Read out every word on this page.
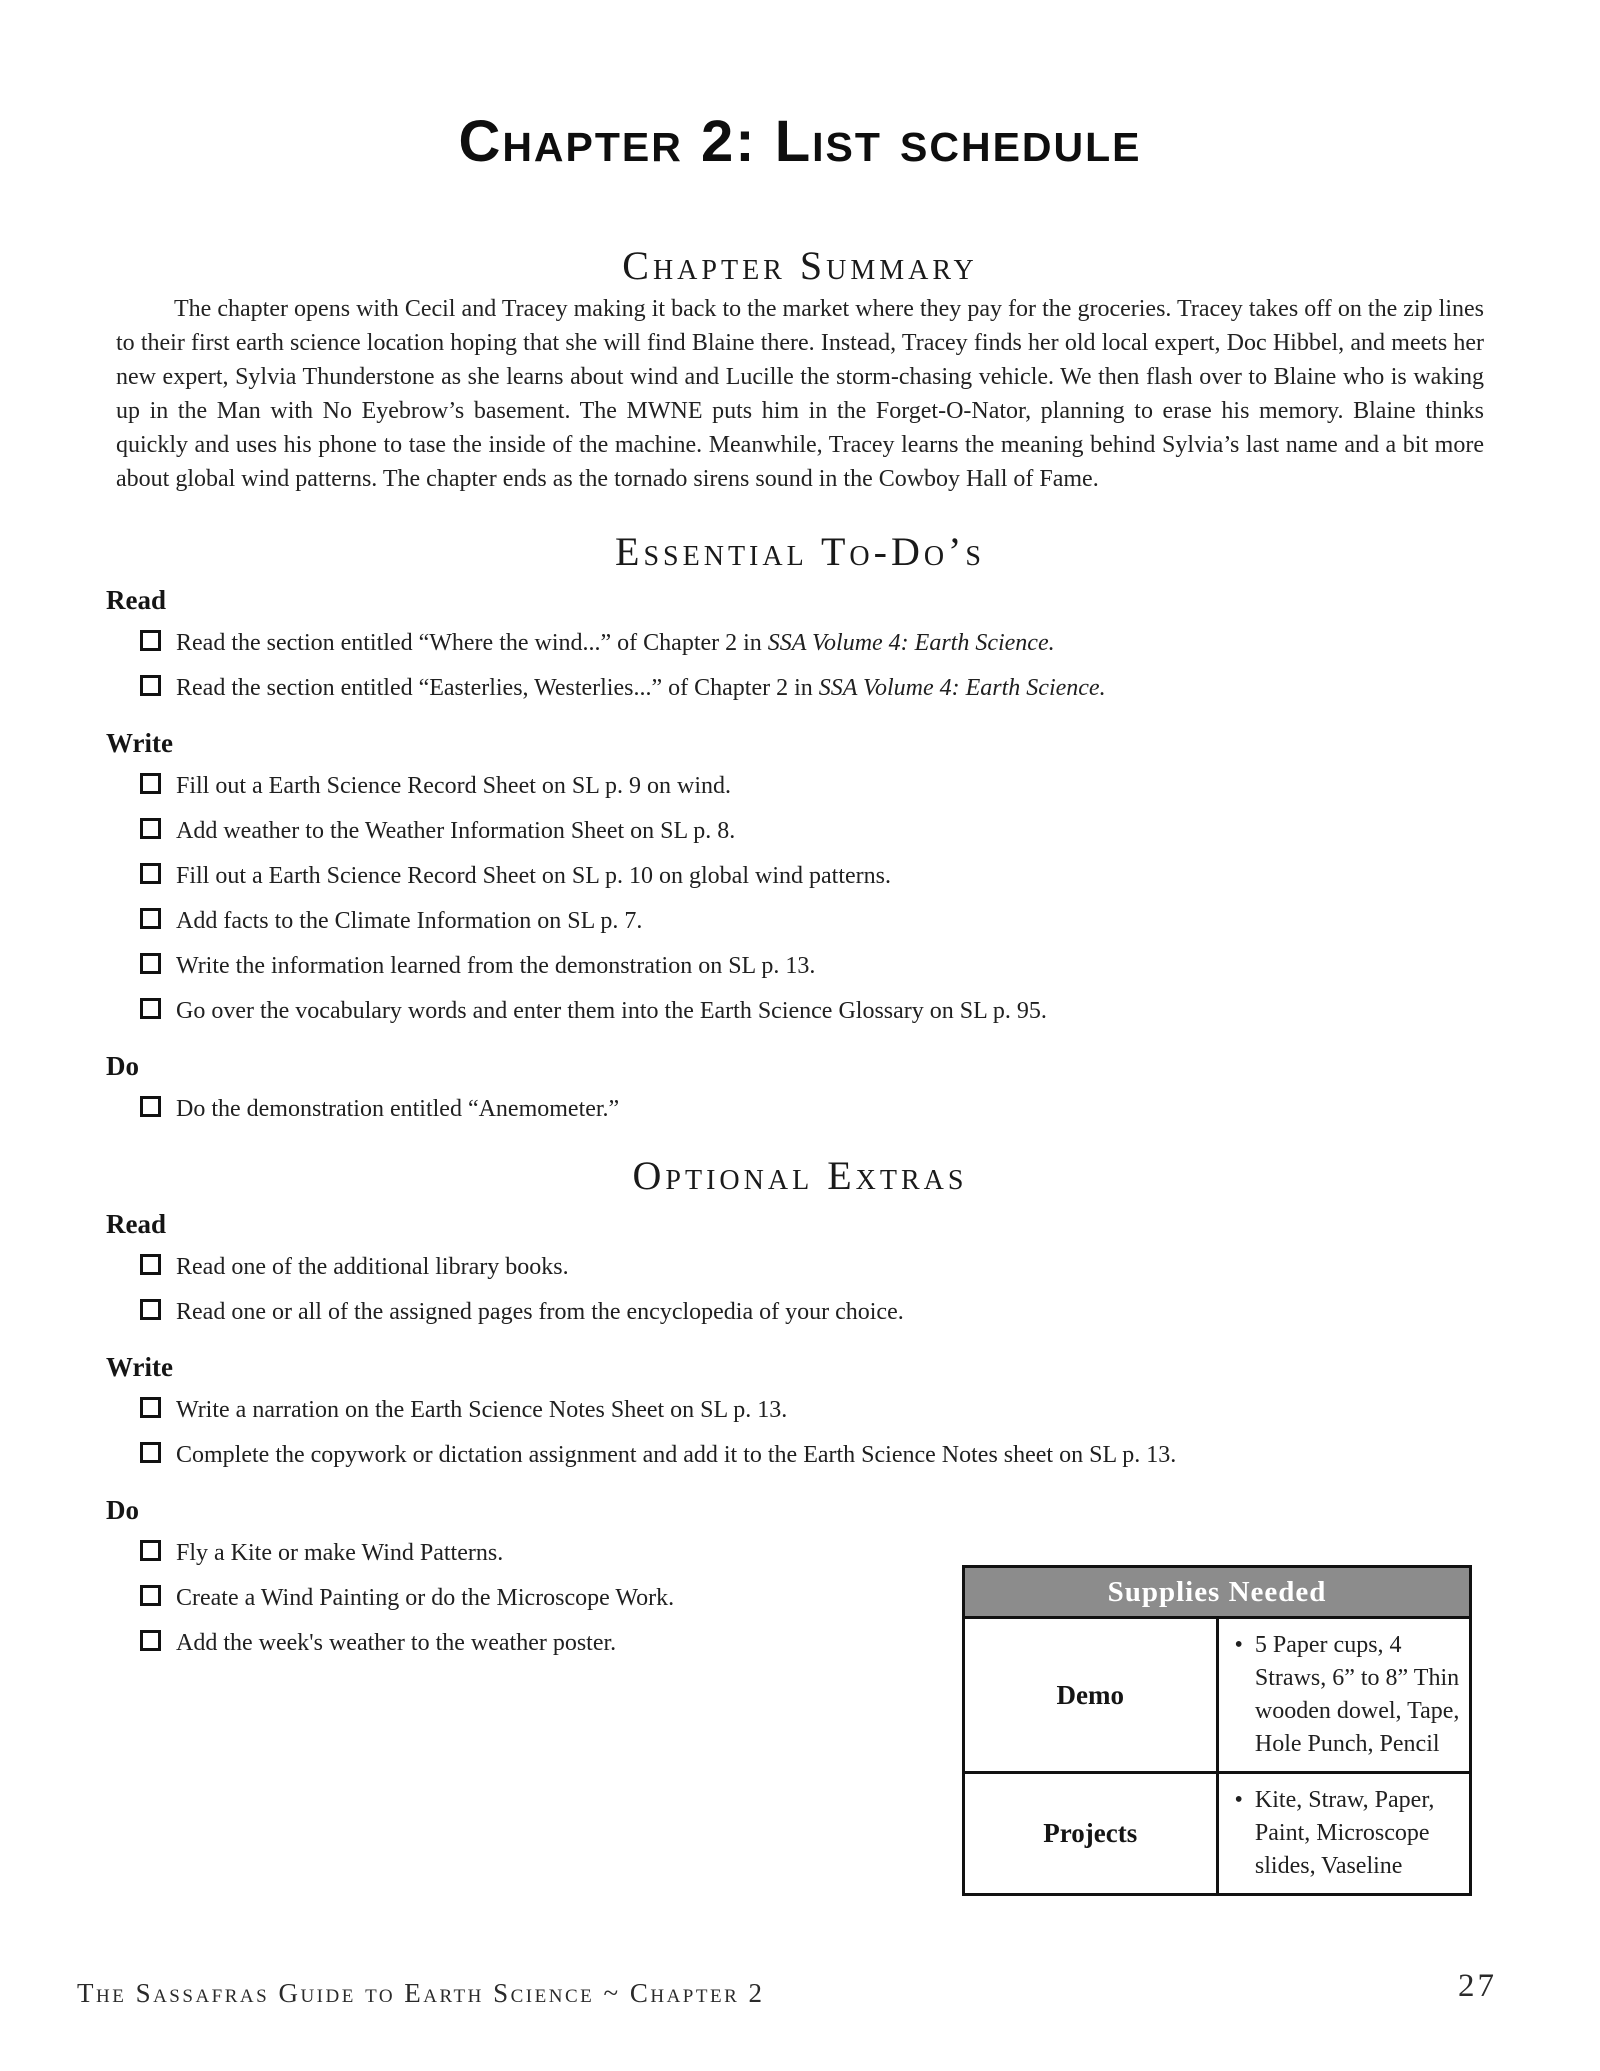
Chapter 2: List schedule
Chapter Summary

The chapter opens with Cecil and Tracey making it back to the market where they pay for the groceries. Tracey takes off on the zip lines to their first earth science location hoping that she will find Blaine there. Instead, Tracey finds her old local expert, Doc Hibbel, and meets her new expert, Sylvia Thunderstone as she learns about wind and Lucille the storm-chasing vehicle. We then flash over to Blaine who is waking up in the Man with No Eyebrow’s basement. The MWNE puts him in the Forget-O-Nator, planning to erase his memory. Blaine thinks quickly and uses his phone to tase the inside of the machine. Meanwhile, Tracey learns the meaning behind Sylvia’s last name and a bit more about global wind patterns. The chapter ends as the tornado sirens sound in the Cowboy Hall of Fame.

Essential To-Do’s
Read
Read the section entitled “Where the wind...” of Chapter 2 in SSA Volume 4: Earth Science.
Read the section entitled “Easterlies, Westerlies...” of Chapter 2 in SSA Volume 4: Earth Science.
Write
Fill out a Earth Science Record Sheet on SL p. 9 on wind.
Add weather to the Weather Information Sheet on SL p. 8.
Fill out a Earth Science Record Sheet on SL p. 10 on global wind patterns.
Add facts to the Climate Information on SL p. 7.
Write the information learned from the demonstration on SL p. 13.
Go over the vocabulary words and enter them into the Earth Science Glossary on SL p. 95.
Do
Do the demonstration entitled “Anemometer.”
Optional Extras
Read
Read one of the additional library books.
Read one or all of the assigned pages from the encyclopedia of your choice.
Write
Write a narration on the Earth Science Notes Sheet on SL p. 13.
Complete the copywork or dictation assignment and add it to the Earth Science Notes sheet on SL p. 13.
Do
Fly a Kite or make Wind Patterns.
Create a Wind Painting or do the Microscope Work.
Add the week's weather to the weather poster.
Supplies Needed	
Demo	• 5 Paper cups, 4 Straws, 6” to 8” Thin wooden dowel, Tape, Hole Punch, Pencil

Projects	• Kite, Straw, Paper, Paint, Microscope slides, Vaseline
The Sassafras Guide to Earth Science ~ Chapter 2	27
